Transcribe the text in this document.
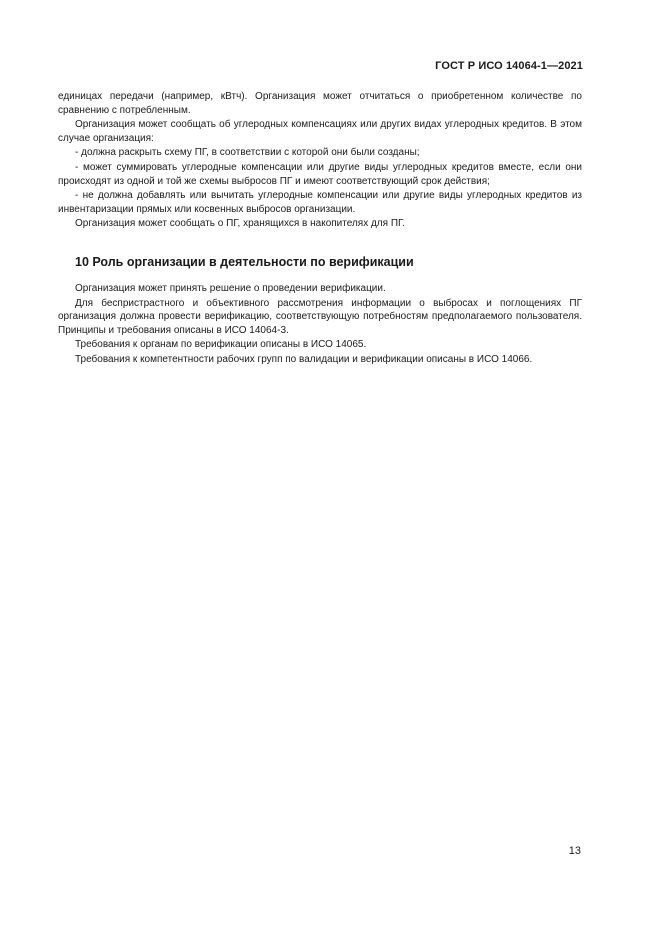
ГОСТ Р ИСО 14064-1—2021

единицах передачи (например, кВтч). Организация может отчитаться о приобретенном количестве по сравнению с потребленным.

Организация может сообщать об углеродных компенсациях или других видах углеродных кредитов. В этом случае организация:

- должна раскрыть схему ПГ, в соответствии с которой они были созданы;

- может суммировать углеродные компенсации или другие виды углеродных кредитов вместе, если они происходят из одной и той же схемы выбросов ПГ и имеют соответствующий срок действия;

- не должна добавлять или вычитать углеродные компенсации или другие виды углеродных кредитов из инвентаризации прямых или косвенных выбросов организации.

Организация может сообщать о ПГ, хранящихся в накопителях для ПГ.

10 Роль организации в деятельности по верификации

Организация может принять решение о проведении верификации.

Для беспристрастного и объективного рассмотрения информации о выбросах и поглощениях ПГ организация должна провести верификацию, соответствующую потребностям предполагаемого пользователя. Принципы и требования описаны в ИСО 14064-3.

Требования к органам по верификации описаны в ИСО 14065.

Требования к компетентности рабочих групп по валидации и верификации описаны в ИСО 14066.

13
